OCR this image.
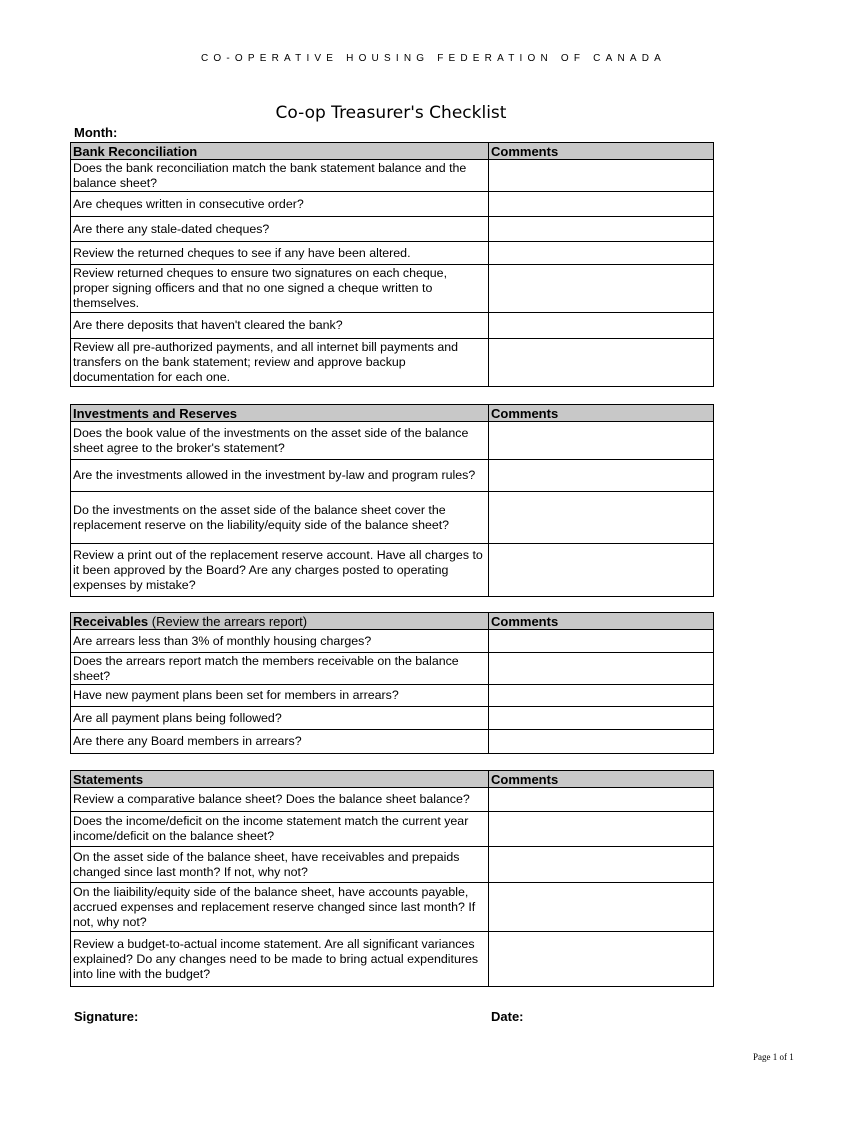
CO-OPERATIVE HOUSING FEDERATION OF CANADA
Co-op Treasurer's Checklist
Month:
Bank Reconciliation	Comments
Does the bank reconciliation match the bank statement balance and the balance sheet?	
Are cheques written in consecutive order?	
Are there any stale-dated cheques?	
Review the returned cheques to see if any have been altered.	
Review returned cheques to ensure two signatures on each cheque, proper signing officers and that no one signed a cheque written to themselves.	
Are there deposits that haven't cleared the bank?	
Review all pre-authorized payments, and all internet bill payments and transfers on the bank statement; review and approve backup documentation for each one.	
Investments and Reserves	Comments
Does the book value of the investments on the asset side of the balance sheet agree to the broker's statement?	
Are the investments allowed in the investment by-law and program rules?	
Do the investments on the asset side of the balance sheet cover the replacement reserve on the liability/equity side of the balance sheet?	
Review a print out of the replacement reserve account. Have all charges to it been approved by the Board? Are any charges posted to operating expenses by mistake?	
Receivables (Review the arrears report)	Comments
Are arrears less than 3% of monthly housing charges?	
Does the arrears report match the members receivable on the balance sheet?	
Have new payment plans been set for members in arrears?	
Are all payment plans being followed?	
Are there any Board members in arrears?	
Statements	Comments
Review a comparative balance sheet? Does the balance sheet balance?	
Does the income/deficit on the income statement match the current year income/deficit on the balance sheet?	
On the asset side of the balance sheet, have receivables and prepaids changed since last month? If not, why not?	
On the liaibility/equity side of the balance sheet, have accounts payable, accrued expenses and replacement reserve changed since last month? If not, why not?	
Review a budget-to-actual income statement. Are all significant variances explained? Do any changes need to be made to bring actual expenditures into line with the budget?	
Signature:	Date:
Page 1 of 1
